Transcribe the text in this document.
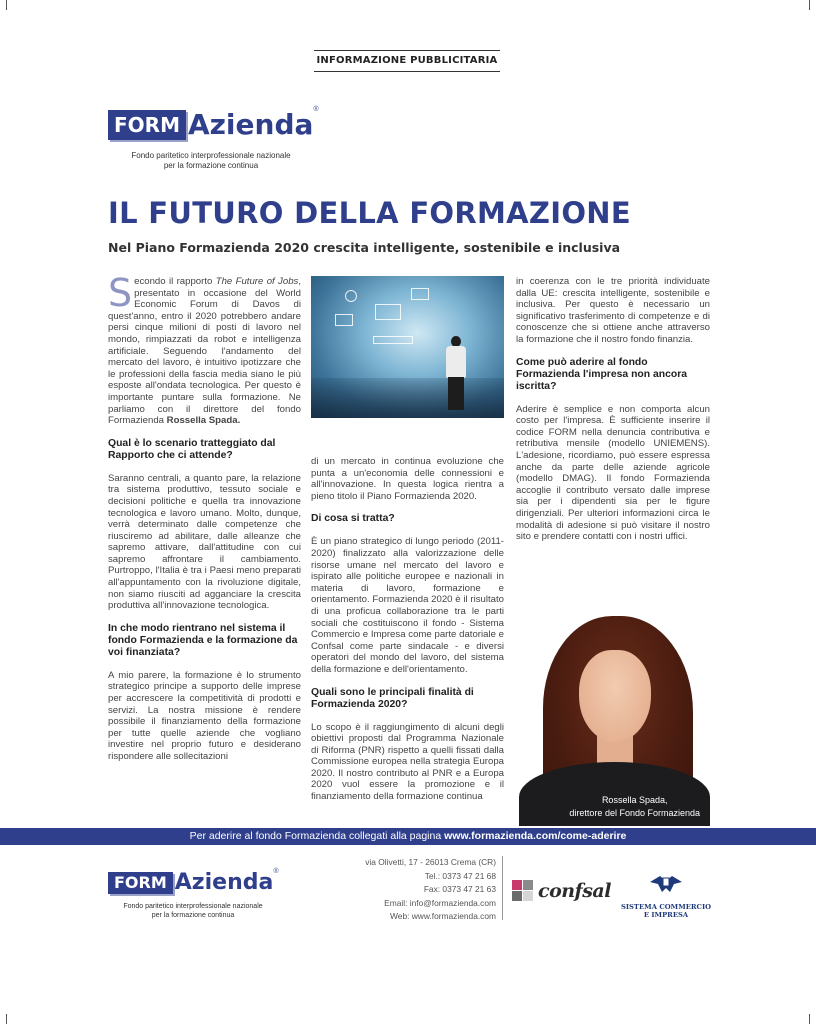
INFORMAZIONE PUBBLICITARIA
FORM Azienda ®
Fondo paritetico interprofessionale nazionale
per la formazione continua
IL FUTURO DELLA FORMAZIONE
Nel Piano Formazienda 2020 crescita intelligente, sostenibile e inclusiva

Secondo il rapporto The Future of Jobs, presentato in occasione del World Economic Forum di Davos di quest'anno, entro il 2020 potrebbero andare persi cinque milioni di posti di lavoro nel mondo, rimpiazzati da robot e intelligenza artificiale. Seguendo l'andamento del mercato del lavoro, è intuitivo ipotizzare che le professioni della fascia media siano le più esposte all'ondata tecnologica. Per questo è importante puntare sulla formazione. Ne parliamo con il direttore del fondo Formazienda Rossella Spada.

Qual è lo scenario tratteggiato dal Rapporto che ci attende?

Saranno centrali, a quanto pare, la relazione tra sistema produttivo, tessuto sociale e decisioni politiche e quella tra innovazione tecnologica e lavoro umano. Molto, dunque, verrà determinato dalle competenze che riusciremo ad abilitare, dalle alleanze che sapremo attivare, dall'attitudine con cui sapremo affrontare il cambiamento. Purtroppo, l'Italia è tra i Paesi meno preparati all'appuntamento con la rivoluzione digitale, non siamo riusciti ad agganciare la crescita produttiva all'innovazione tecnologica.

In che modo rientrano nel sistema il fondo Formazienda e la formazione da voi finanziata?

A mio parere, la formazione è lo strumento strategico principe a supporto delle imprese per accrescere la competitività di prodotti e servizi. La nostra missione è rendere possibile il finanziamento della formazione per tutte quelle aziende che vogliano investire nel proprio futuro e desiderano rispondere alle sollecitazioni

di un mercato in continua evoluzione che punta a un'economia delle connessioni e all'innovazione. In questa logica rientra a pieno titolo il Piano Formazienda 2020.

Di cosa si tratta?

È un piano strategico di lungo periodo (2011-2020) finalizzato alla valorizzazione delle risorse umane nel mercato del lavoro e ispirato alle politiche europee e nazionali in materia di lavoro, formazione e orientamento. Formazienda 2020 è il risultato di una proficua collaborazione tra le parti sociali che costituiscono il fondo - Sistema Commercio e Impresa come parte datoriale e Confsal come parte sindacale - e diversi operatori del mondo del lavoro, del sistema della formazione e dell'orientamento.

Quali sono le principali finalità di Formazienda 2020?

Lo scopo è il raggiungimento di alcuni degli obiettivi proposti dal Programma Nazionale di Riforma (PNR) rispetto a quelli fissati dalla Commissione europea nella strategia Europa 2020. Il nostro contributo al PNR e a Europa 2020 vuol essere la promozione e il finanziamento della formazione continua

in coerenza con le tre priorità individuate dalla UE: crescita intelligente, sostenibile e inclusiva. Per questo è necessario un significativo trasferimento di competenze e di conoscenze che si ottiene anche attraverso la formazione che il nostro fondo finanzia.

Come può aderire al fondo Formazienda l'impresa non ancora iscritta?

Aderire è semplice e non comporta alcun costo per l'impresa. È sufficiente inserire il codice FORM nella denuncia contributiva e retributiva mensile (modello UNIEMENS). L'adesione, ricordiamo, può essere espressa anche da parte delle aziende agricole (modello DMAG). Il fondo Formazienda accoglie il contributo versato dalle imprese sia per i dipendenti sia per le figure dirigenziali. Per ulteriori informazioni circa le modalità di adesione si può visitare il nostro sito e prendere contatti con i nostri uffici.

Rossella Spada,
direttore del Fondo Formazienda
Per aderire al fondo Formazienda collegati alla pagina www.formazienda.com/come-aderire
FORM Azienda ®
Fondo paritetico interprofessionale nazionale
per la formazione continua
via Olivetti, 17 - 26013 Crema (CR)
Tel.: 0373 47 21 68
Fax: 0373 47 21 63
Email: info@formazienda.com
Web: www.formazienda.com
confsal
SISTEMA COMMERCIO
E IMPRESA
